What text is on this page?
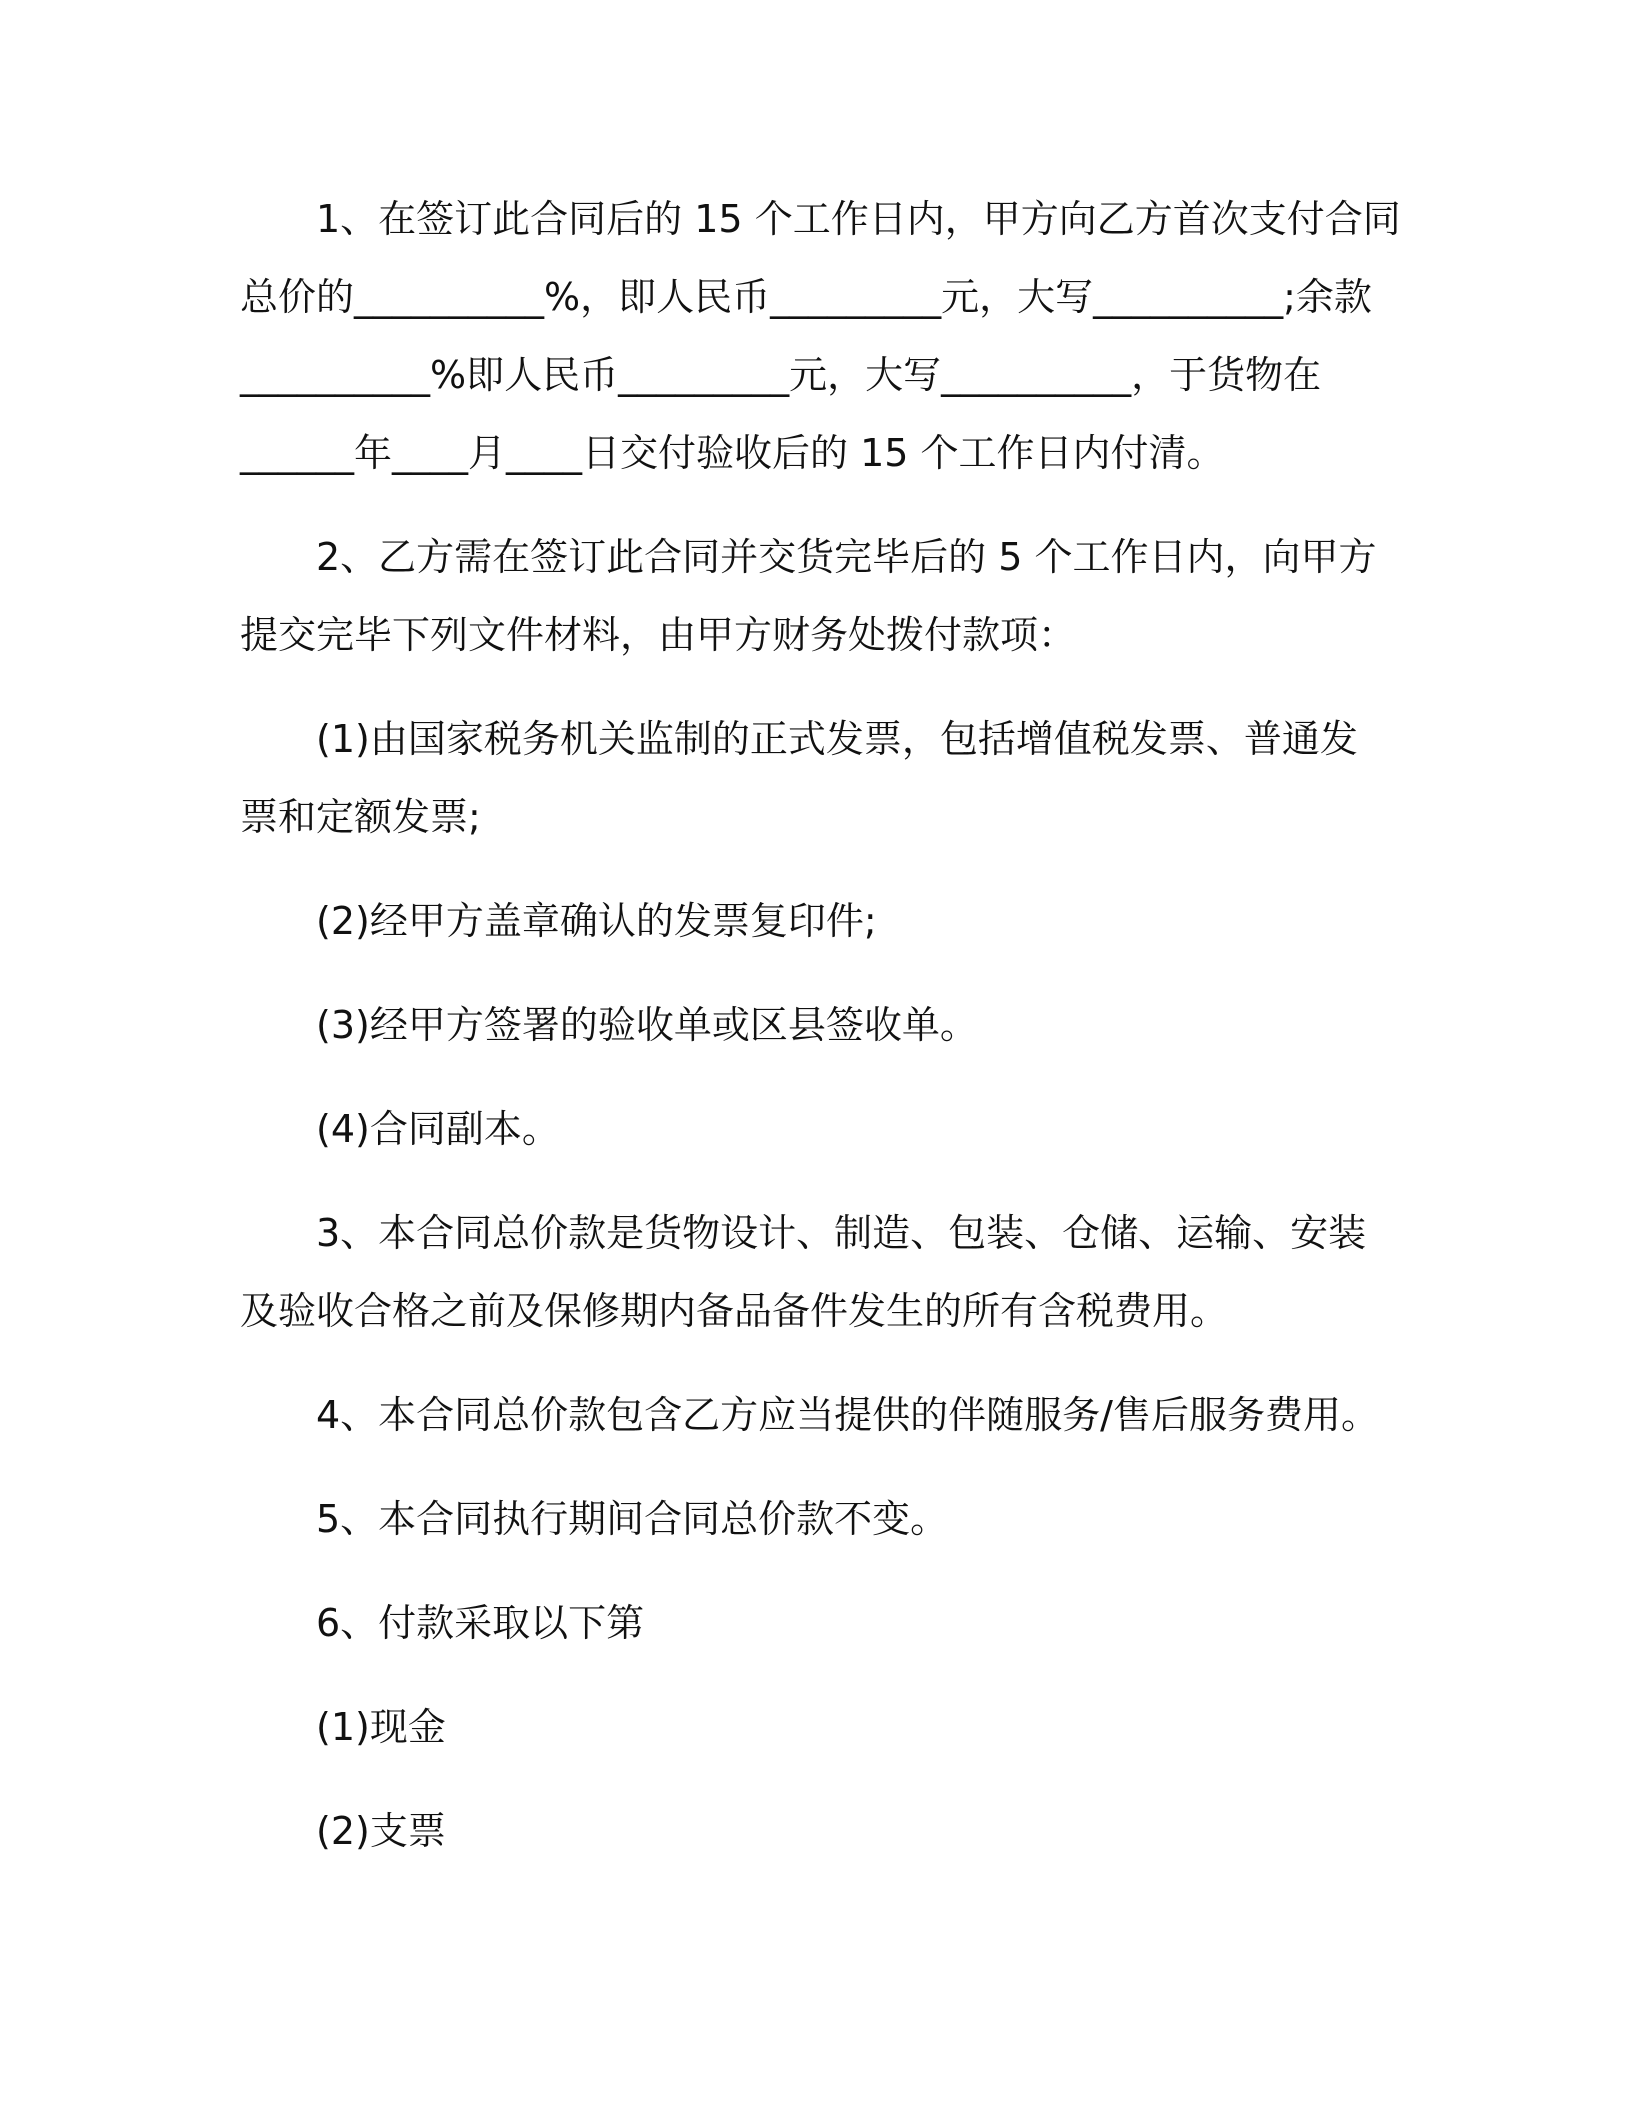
1、在签订此合同后的 15 个工作日内，甲方向乙方首次支付合同
总价的__________%，即人民币_________元，大写__________;余款
__________%即人民币_________元，大写__________，于货物在
______年____月____日交付验收后的 15 个工作日内付清。

2、乙方需在签订此合同并交货完毕后的 5 个工作日内，向甲方
提交完毕下列文件材料，由甲方财务处拨付款项：

(1)由国家税务机关监制的正式发票，包括增值税发票、普通发
票和定额发票;

(2)经甲方盖章确认的发票复印件;

(3)经甲方签署的验收单或区县签收单。

(4)合同副本。

3、本合同总价款是货物设计、制造、包装、仓储、运输、安装
及验收合格之前及保修期内备品备件发生的所有含税费用。

4、本合同总价款包含乙方应当提供的伴随服务/售后服务费用。

5、本合同执行期间合同总价款不变。

6、付款采取以下第

(1)现金

(2)支票
